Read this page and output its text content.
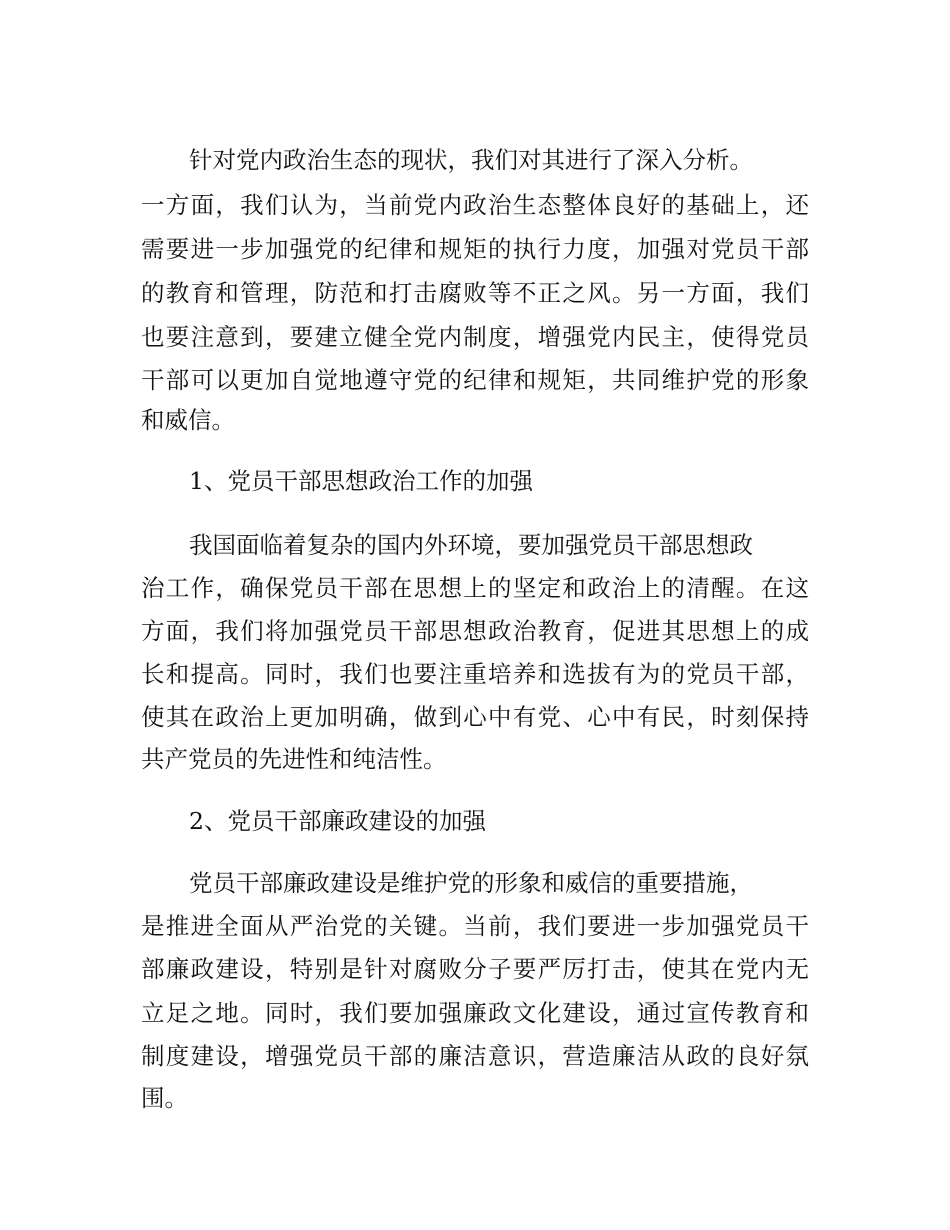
针对党内政治生态的现状，我们对其进行了深入分析。
一方面，我们认为，当前党内政治生态整体良好的基础上，还
需要进一步加强党的纪律和规矩的执行力度，加强对党员干部
的教育和管理，防范和打击腐败等不正之风。另一方面，我们
也要注意到，要建立健全党内制度，增强党内民主，使得党员
干部可以更加自觉地遵守党的纪律和规矩，共同维护党的形象
和威信。
1、党员干部思想政治工作的加强
我国面临着复杂的国内外环境，要加强党员干部思想政
治工作，确保党员干部在思想上的坚定和政治上的清醒。在这
方面，我们将加强党员干部思想政治教育，促进其思想上的成
长和提高。同时，我们也要注重培养和选拔有为的党员干部，
使其在政治上更加明确，做到心中有党、心中有民，时刻保持
共产党员的先进性和纯洁性。
2、党员干部廉政建设的加强
党员干部廉政建设是维护党的形象和威信的重要措施，
是推进全面从严治党的关键。当前，我们要进一步加强党员干
部廉政建设，特别是针对腐败分子要严厉打击，使其在党内无
立足之地。同时，我们要加强廉政文化建设，通过宣传教育和
制度建设，增强党员干部的廉洁意识，营造廉洁从政的良好氛
围。
